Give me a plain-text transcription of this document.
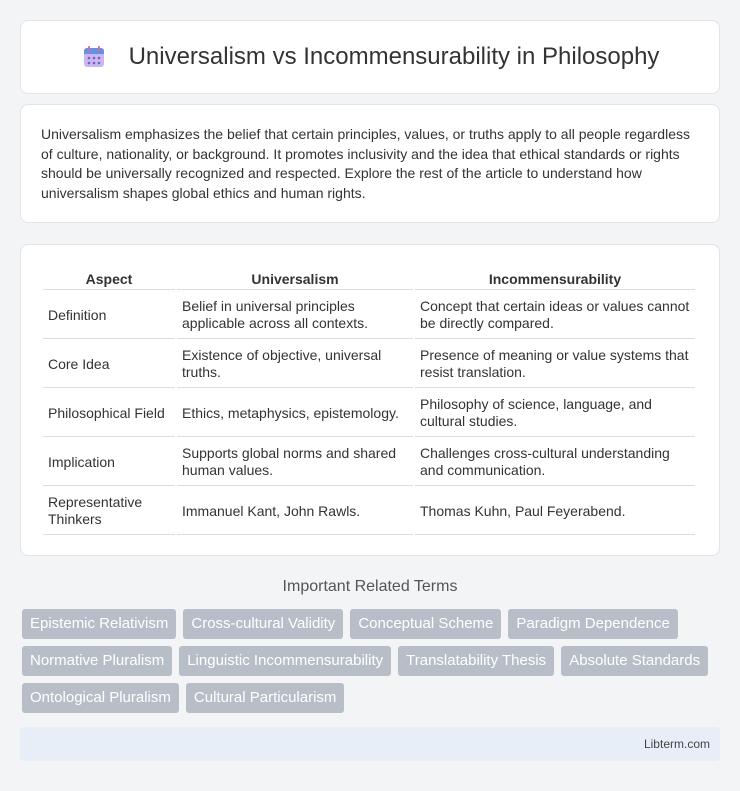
Universalism vs Incommensurability in Philosophy

Universalism emphasizes the belief that certain principles, values, or truths apply to all people regardless of culture, nationality, or background. It promotes inclusivity and the idea that ethical standards or rights should be universally recognized and respected. Explore the rest of the article to understand how universalism shapes global ethics and human rights.

Aspect	Universalism	Incommensurability
Definition	Belief in universal principles applicable across all contexts.	Concept that certain ideas or values cannot be directly compared.
Core Idea	Existence of objective, universal truths.	Presence of meaning or value systems that resist translation.
Philosophical Field	Ethics, metaphysics, epistemology.	Philosophy of science, language, and cultural studies.
Implication	Supports global norms and shared human values.	Challenges cross-cultural understanding and communication.
Representative Thinkers	Immanuel Kant, John Rawls.	Thomas Kuhn, Paul Feyerabend.
Important Related Terms
Epistemic Relativism	Cross-cultural Validity	Conceptual Scheme	Paradigm Dependence
Normative Pluralism	Linguistic Incommensurability	Translatability Thesis	Absolute Standards
Ontological Pluralism	Cultural Particularism
Libterm.com
